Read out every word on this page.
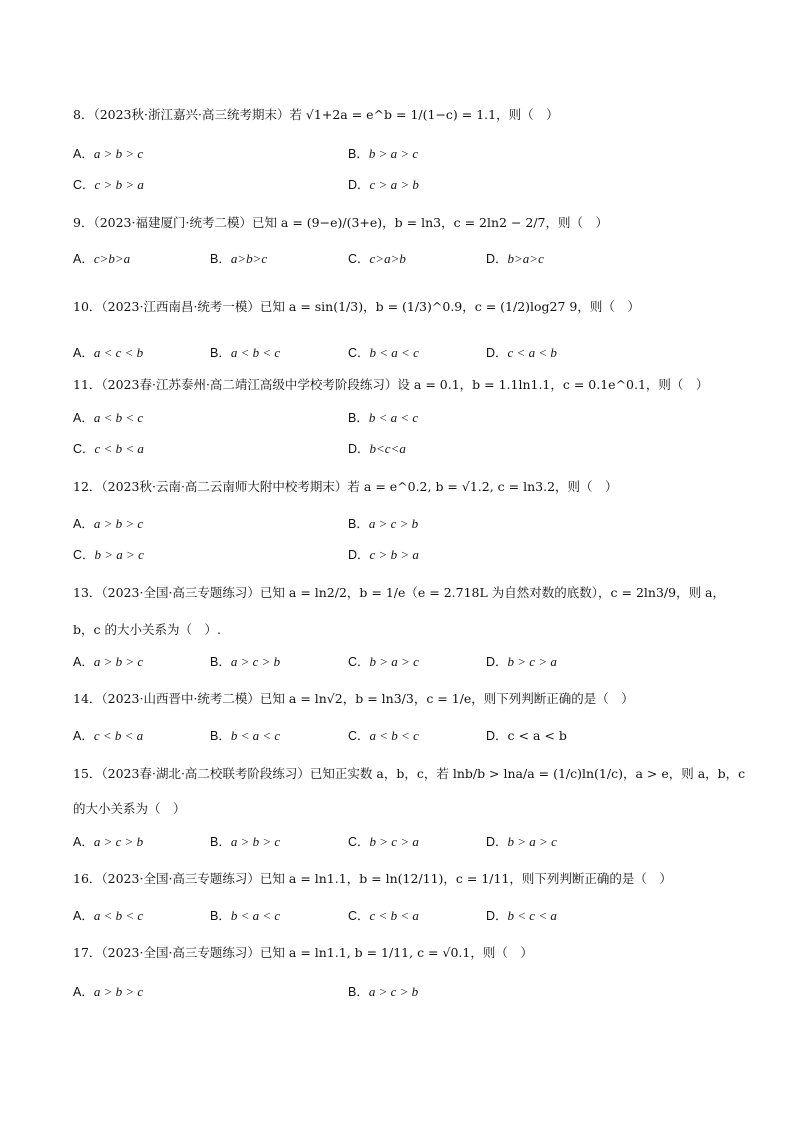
8．（2023秋·浙江嘉兴·高三统考期末）若 √1+2a = e^b = 1/(1−c) = 1.1，则（　）
A．a > b > c	B．b > a > c
C．c > b > a	D．c > a > b
9．（2023·福建厦门·统考二模）已知 a = (9−e)/(3+e)，b = ln3，c = 2ln2 − 2/7，则（　）
A．c>b>a	B．a>b>c	C．c>a>b	D．b>a>c
10．（2023·江西南昌·统考一模）已知 a = sin(1/3)，b = (1/3)^0.9，c = (1/2)log27 9，则（　）
A．a < c < b	B．a < b < c	C．b < a < c	D．c < a < b
11．（2023春·江苏泰州·高二靖江高级中学校考阶段练习）设 a = 0.1，b = 1.1ln1.1，c = 0.1e^0.1，则（　）
A．a < b < c	B．b < a < c
C．c < b < a	D．b<c<a
12．（2023秋·云南·高二云南师大附中校考期末）若 a = e^0.2, b = √1.2, c = ln3.2，则（　）
A．a > b > c	B．a > c > b
C．b > a > c	D．c > b > a
13．（2023·全国·高三专题练习）已知 a = ln2/2，b = 1/e（e = 2.718L 为自然对数的底数），c = 2ln3/9，则 a，
b，c 的大小关系为（　）.
A．a > b > c	B．a > c > b	C．b > a > c	D．b > c > a
14．（2023·山西晋中·统考二模）已知 a = ln√2，b = ln3/3，c = 1/e，则下列判断正确的是（　）
A．c < b < a	B．b < a < c	C．a < b < c	D．c < a < b
15．（2023春·湖北·高二校联考阶段练习）已知正实数 a，b，c，若 lnb/b > lna/a = (1/c)ln(1/c)，a > e，则 a，b，c
的大小关系为（　）
A．a > c > b	B．a > b > c	C．b > c > a	D．b > a > c
16．（2023·全国·高三专题练习）已知 a = ln1.1，b = ln(12/11)，c = 1/11，则下列判断正确的是（　）
A．a < b < c	B．b < a < c	C．c < b < a	D．b < c < a
17．（2023·全国·高三专题练习）已知 a = ln1.1, b = 1/11, c = √0.1，则（　）
A．a > b > c	B．a > c > b
